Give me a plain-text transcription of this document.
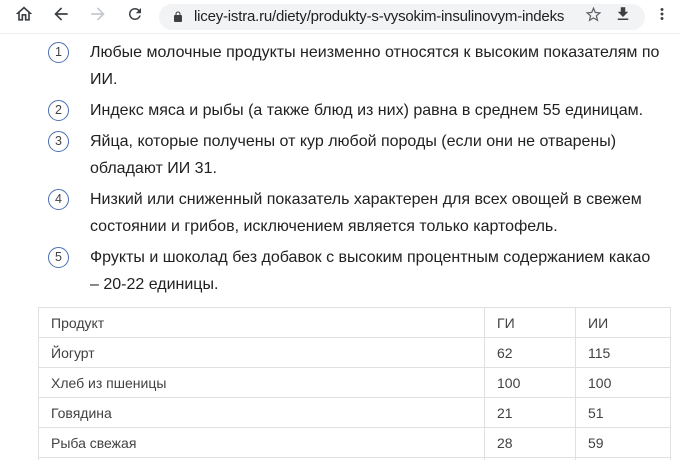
licey-istra.ru/diety/produkty-s-vysokim-insulinovym-indeks
1	Любые молочные продукты неизменно относятся к высоким показателям по ИИ.
2	Индекс мяса и рыбы (а также блюд из них) равна в среднем 55 единицам.
3	Яйца, которые получены от кур любой породы (если они не отварены) обладают ИИ 31.
4	Низкий или сниженный показатель характерен для всех овощей в свежем состоянии и грибов, исключением является только картофель.
5	Фрукты и шоколад без добавок с высоким процентным содержанием какао – 20-22 единицы.
Продукт	ГИ	ИИ
Йогурт	62	115
Хлеб из пшеницы	100	100
Говядина	21	51
Рыба свежая	28	59
